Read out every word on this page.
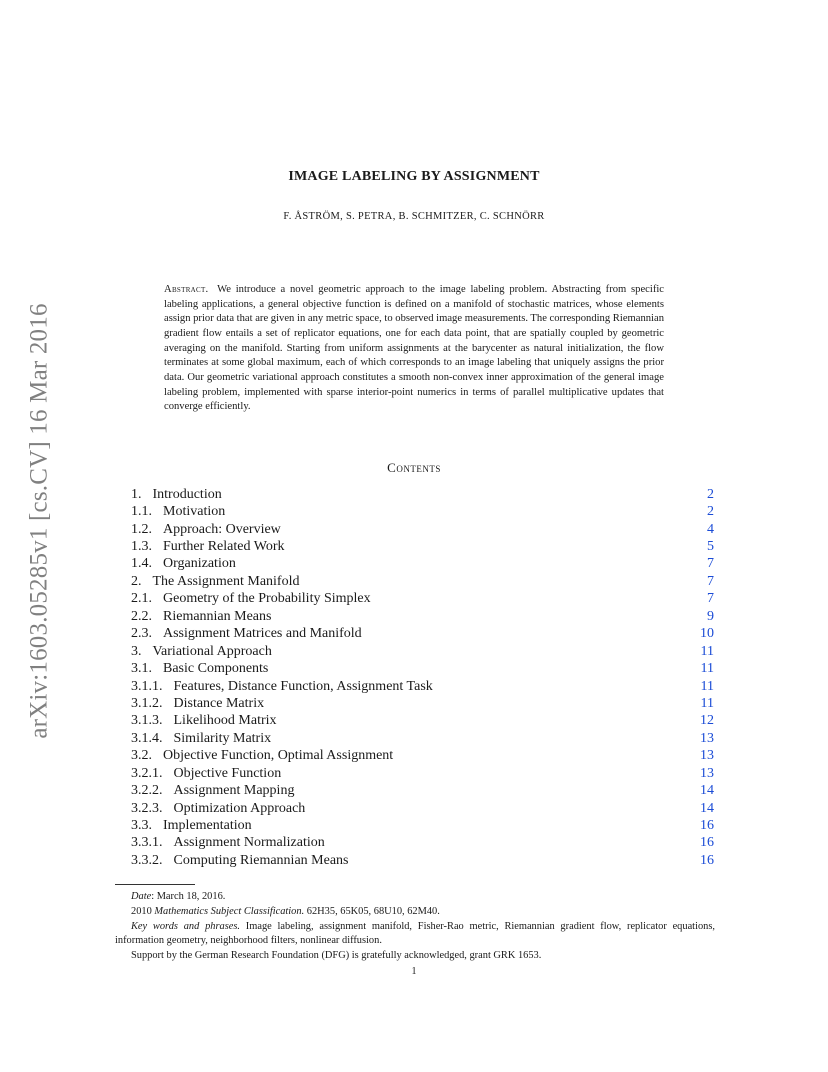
arXiv:1603.05285v1 [cs.CV] 16 Mar 2016
IMAGE LABELING BY ASSIGNMENT
F. ÅSTRÖM, S. PETRA, B. SCHMITZER, C. SCHNÖRR

Abstract. We introduce a novel geometric approach to the image labeling problem. Abstracting from specific labeling applications, a general objective function is defined on a manifold of stochastic matrices, whose elements assign prior data that are given in any metric space, to observed image measurements. The corresponding Riemannian gradient flow entails a set of replicator equations, one for each data point, that are spatially coupled by geometric averaging on the manifold. Starting from uniform assignments at the barycenter as natural initialization, the flow terminates at some global maximum, each of which corresponds to an image labeling that uniquely assigns the prior data. Our geometric variational approach constitutes a smooth non-convex inner approximation of the general image labeling problem, implemented with sparse interior-point numerics in terms of parallel multiplicative updates that converge efficiently.

Contents
1. Introduction	2
1.1. Motivation	2
1.2. Approach: Overview	4
1.3. Further Related Work	5
1.4. Organization	7
2. The Assignment Manifold	7
2.1. Geometry of the Probability Simplex	7
2.2. Riemannian Means	9
2.3. Assignment Matrices and Manifold	10
3. Variational Approach	11
3.1. Basic Components	11
3.1.1. Features, Distance Function, Assignment Task	11
3.1.2. Distance Matrix	11
3.1.3. Likelihood Matrix	12
3.1.4. Similarity Matrix	13
3.2. Objective Function, Optimal Assignment	13
3.2.1. Objective Function	13
3.2.2. Assignment Mapping	14
3.2.3. Optimization Approach	14
3.3. Implementation	16
3.3.1. Assignment Normalization	16
3.3.2. Computing Riemannian Means	16

Date: March 18, 2016.

2010 Mathematics Subject Classification. 62H35, 65K05, 68U10, 62M40.

Key words and phrases. Image labeling, assignment manifold, Fisher-Rao metric, Riemannian gradient flow, replicator equations, information geometry, neighborhood filters, nonlinear diffusion.

Support by the German Research Foundation (DFG) is gratefully acknowledged, grant GRK 1653.

1
